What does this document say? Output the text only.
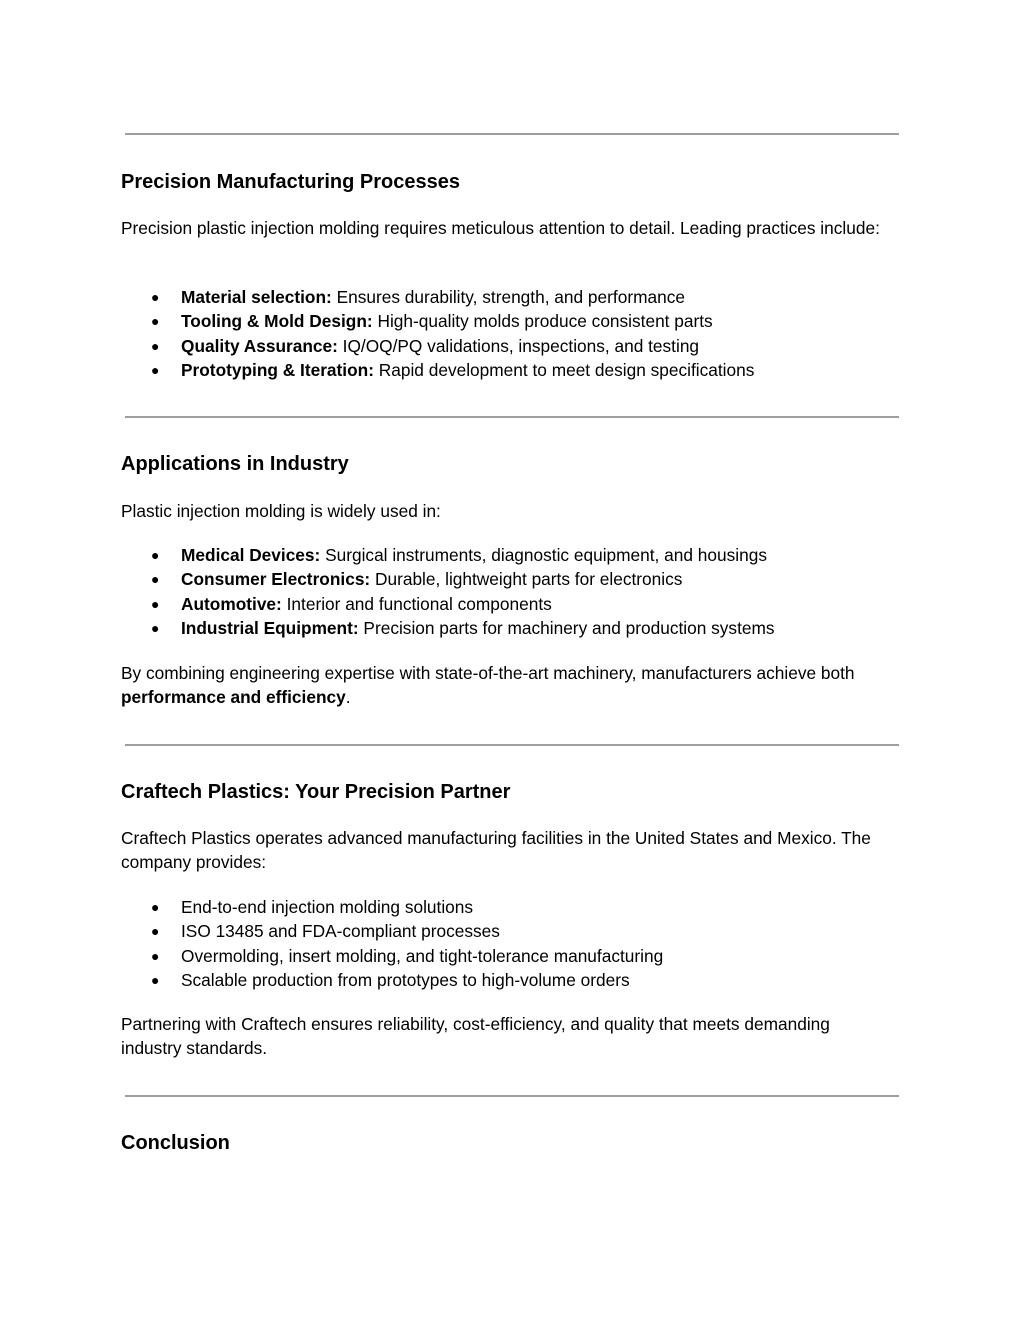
Precision Manufacturing Processes

Precision plastic injection molding requires meticulous attention to detail. Leading practices include:

● Material selection: Ensures durability, strength, and performance
● Tooling & Mold Design: High-quality molds produce consistent parts
● Quality Assurance: IQ/OQ/PQ validations, inspections, and testing
● Prototyping & Iteration: Rapid development to meet design specifications
Applications in Industry

Plastic injection molding is widely used in:

● Medical Devices: Surgical instruments, diagnostic equipment, and housings
● Consumer Electronics: Durable, lightweight parts for electronics
● Automotive: Interior and functional components
● Industrial Equipment: Precision parts for machinery and production systems

By combining engineering expertise with state-of-the-art machinery, manufacturers achieve both performance and efficiency.

Craftech Plastics: Your Precision Partner

Craftech Plastics operates advanced manufacturing facilities in the United States and Mexico. The company provides:

● End-to-end injection molding solutions
● ISO 13485 and FDA-compliant processes
● Overmolding, insert molding, and tight-tolerance manufacturing
● Scalable production from prototypes to high-volume orders

Partnering with Craftech ensures reliability, cost-efficiency, and quality that meets demanding industry standards.

Conclusion
